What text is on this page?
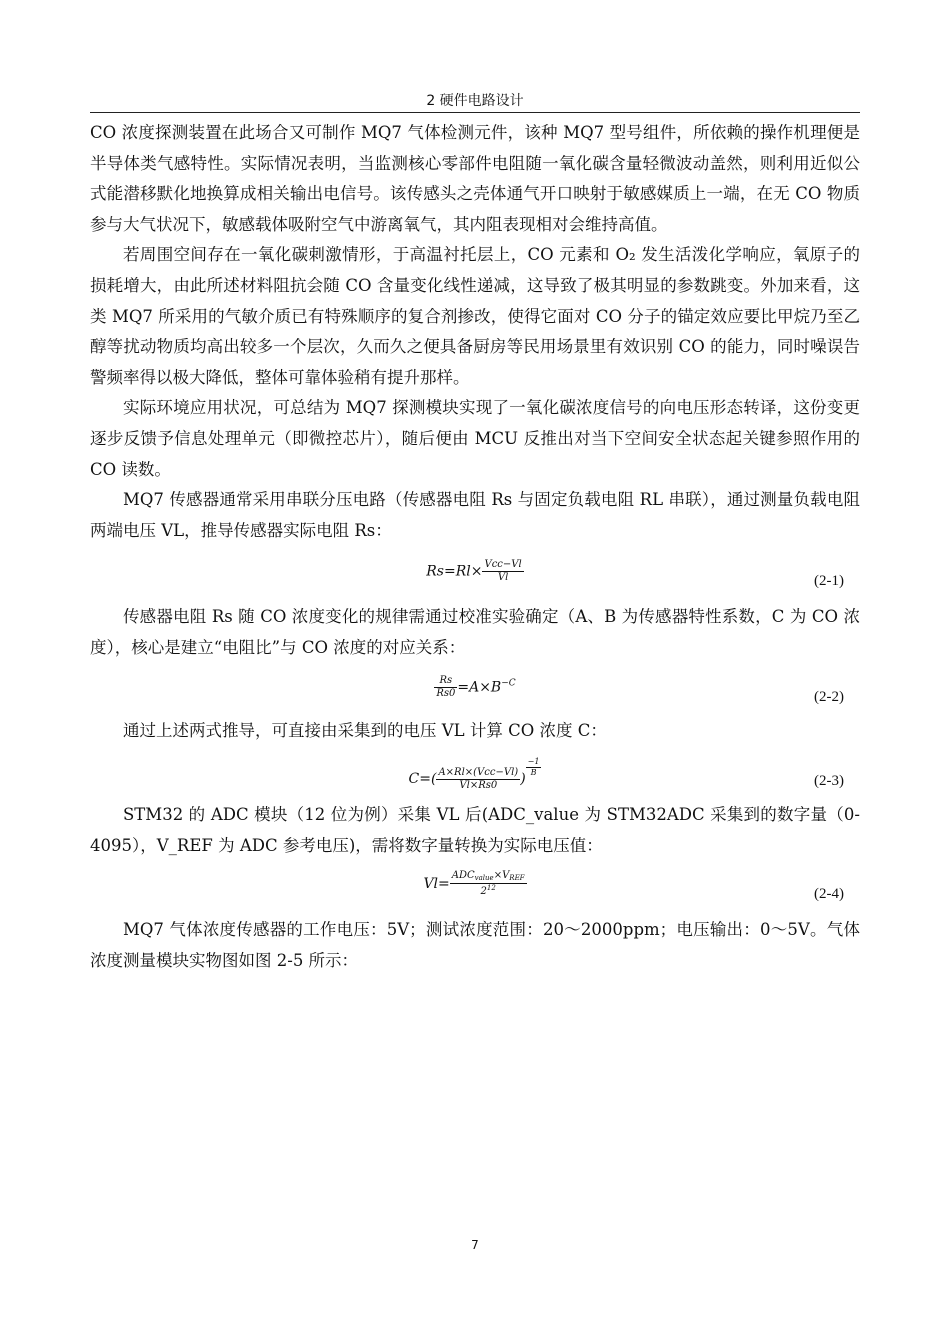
2 硬件电路设计

CO 浓度探测装置在此场合又可制作 MQ7 气体检测元件，该种 MQ7 型号组件，所依赖的操作机理便是半导体类气感特性。实际情况表明，当监测核心零部件电阻随一氧化碳含量轻微波动盖然，则利用近似公式能潜移默化地换算成相关输出电信号。该传感头之壳体通气开口映射于敏感媒质上一端，在无 CO 物质参与大气状况下，敏感载体吸附空气中游离氧气，其内阻表现相对会维持高值。

若周围空间存在一氧化碳刺激情形，于高温衬托层上，CO 元素和 O₂ 发生活泼化学响应，氧原子的损耗增大，由此所述材料阻抗会随 CO 含量变化线性递减，这导致了极其明显的参数跳变。外加来看，这类 MQ7 所采用的气敏介质已有特殊顺序的复合剂掺改，使得它面对 CO 分子的锚定效应要比甲烷乃至乙醇等扰动物质均高出较多一个层次，久而久之便具备厨房等民用场景里有效识别 CO 的能力，同时噪误告警频率得以极大降低，整体可靠体验稍有提升那样。

实际环境应用状况，可总结为 MQ7 探测模块实现了一氧化碳浓度信号的向电压形态转译，这份变更逐步反馈予信息处理单元（即微控芯片），随后便由 MCU 反推出对当下空间安全状态起关键参照作用的 CO 读数。

MQ7 传感器通常采用串联分压电路（传感器电阻 Rs 与固定负载电阻 RL 串联），通过测量负载电阻两端电压 VL，推导传感器实际电阻 Rs：

$Rs=Rl\times \frac{\text{Vcc−Vl}}{Vl}$	(2-1)

传感器电阻 Rs 随 CO 浓度变化的规律需通过校准实验确定（A、B 为传感器特性系数，C 为 CO 浓度），核心是建立“电阻比”与 CO 浓度的对应关系：

$\frac{Rs}{Rs0} =A\times B^{-C}$
(2-2)

通过上述两式推导，可直接由采集到的电压 VL 计算 CO 浓度 C：

$C=( \frac{\text{A×Rl×(Vcc−Vl)}}{Vl\times Rs0}$ )
$\frac{-1}{B}$
(2-3)

STM32 的 ADC 模块（12 位为例）采集 VL 后(ADC_value 为 STM32ADC 采集到的数字量（0-4095），V_REF 为 ADC 参考电压)，需将数字量转换为实际电压值：

$Vl= \frac{ADC_{value}\times V_{REF}}{2^{12}}$	(2-4)

MQ7 气体浓度传感器的工作电压：5V；测试浓度范围：20～2000ppm；电压输出：0～5V。气体浓度测量模块实物图如图 2-5 所示：

7
